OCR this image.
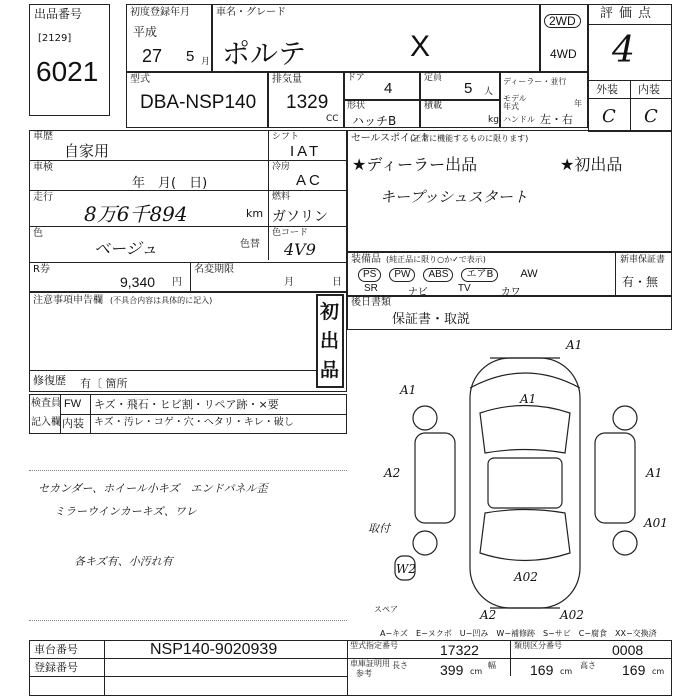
出品番号
[2129]
6021
初度登録年月
平成
27 5 月
車名・グレード
ポルテ	X
2WD
4WD
評価点
4
外装 内装
C C
型式
DBA-NSP140
排気量
1329
CC
ドア
4
定員
5 人
ディーラー・並行
モデル年式	年
形状
ハッチB
積載
kg ハンドル 左・右
車歴
自家用
車検
年　月(　日)
走行
8万6千894	km
色
ベージュ	色替
シフト
IAT
冷房
AC
燃料
ガソリン
色コード
4V9
R券
9,340 円
名変期限
月	日
セールスポイント
(正常に機能するものに限ります)
★ディーラー出品	★初出品
キープッシュスタート
装備品 (純正品に限り○か✓で表示)
PS	PW	ABS	エアB	AW
SR	ナビ	TV	カワ
新車保証書
有・無
注意事項申告欄 (不具合内容は具体的に記入)
初出品
修復歴 有〔 箇所
後日書類
保証書・取説
検査員
記入欄
FW キズ・飛石・ヒビ割・リペア跡・×要
内装 キズ・汚レ・コゲ・穴・へタリ・キレ・破し
セカンダー、ホイール小キズ　エンドパネル歪
ミラーウインカーキズ、ワレ
各キズ有、小汚れ有
A1
A1
A1
A2	A1
A01
W2
A02
A2	A02
取付
スペア
A−キズ　E−ヌクボ　U−凹み　W−補修跡　S−サビ　C−腐食　XX−交換済
車台番号	NSP140-9020939
登録番号
型式指定番号	17322	類別区分番号	0008
車庫証明用
参考
長さ 399 cm
幅 169 cm
高さ 169 cm
